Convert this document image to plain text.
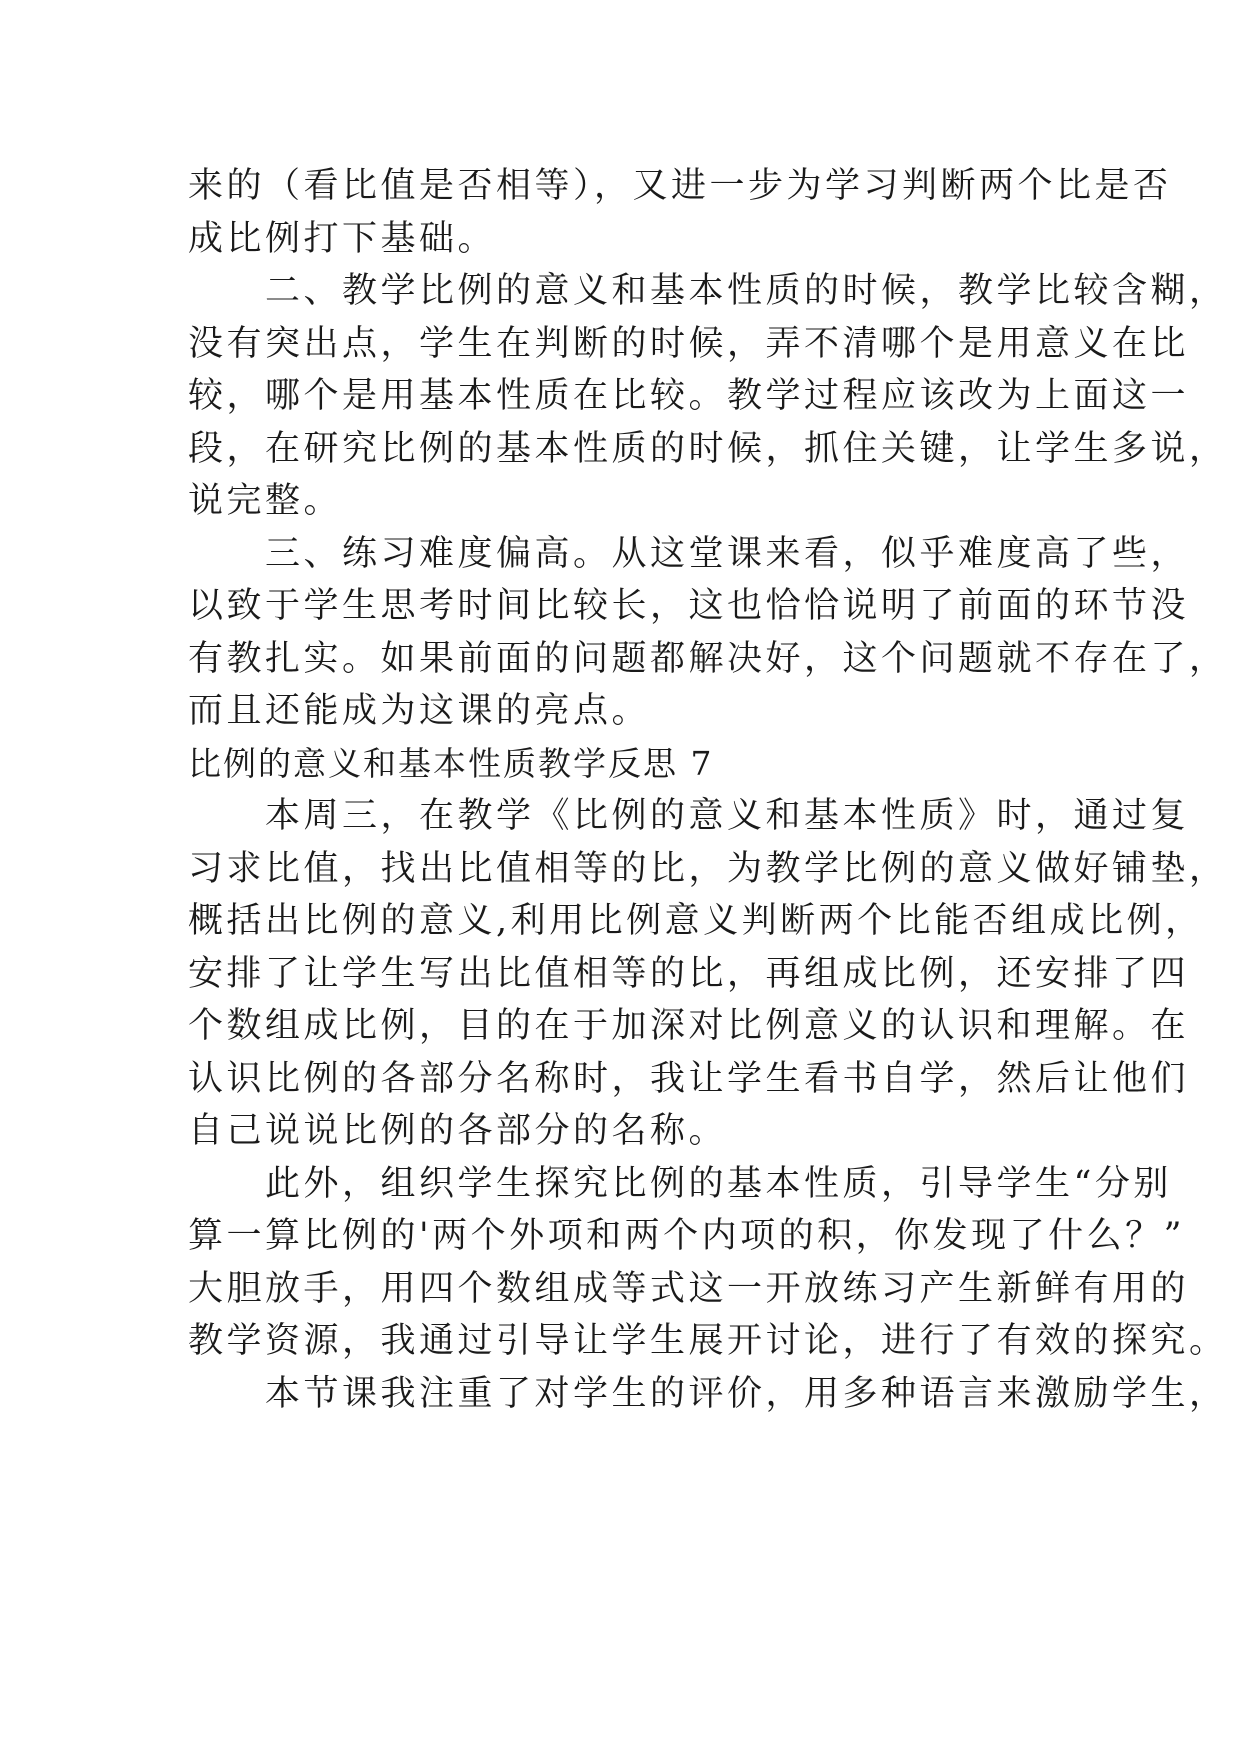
来的（看比值是否相等），又进一步为学习判断两个比是否
成比例打下基础。
　　二、教学比例的意义和基本性质的时候，教学比较含糊，
没有突出点，学生在判断的时候，弄不清哪个是用意义在比
较，哪个是用基本性质在比较。教学过程应该改为上面这一
段，在研究比例的基本性质的时候，抓住关键，让学生多说，
说完整。
　　三、练习难度偏高。从这堂课来看，似乎难度高了些，
以致于学生思考时间比较长，这也恰恰说明了前面的环节没
有教扎实。如果前面的问题都解决好，这个问题就不存在了，
而且还能成为这课的亮点。
比例的意义和基本性质教学反思 7
　　本周三，在教学《比例的意义和基本性质》时，通过复
习求比值，找出比值相等的比，为教学比例的意义做好铺垫，
概括出比例的意义,利用比例意义判断两个比能否组成比例，
安排了让学生写出比值相等的比，再组成比例，还安排了四
个数组成比例，目的在于加深对比例意义的认识和理解。在
认识比例的各部分名称时，我让学生看书自学，然后让他们
自己说说比例的各部分的名称。
　　此外，组织学生探究比例的基本性质，引导学生“分别
算一算比例的'两个外项和两个内项的积，你发现了什么？”
大胆放手，用四个数组成等式这一开放练习产生新鲜有用的
教学资源，我通过引导让学生展开讨论，进行了有效的探究。
　　本节课我注重了对学生的评价，用多种语言来激励学生，
